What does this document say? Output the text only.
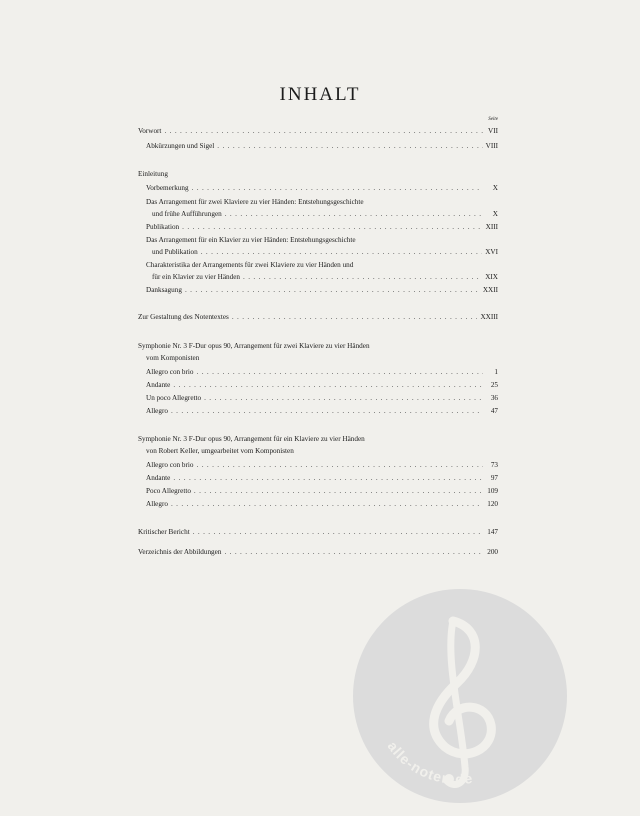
INHALT
Seite
Vorwort . . .	VII
Abkürzungen und Sigel . . .	VIII
Einleitung
Vorbemerkung . . .	X
Das Arrangement für zwei Klaviere zu vier Händen: Entstehungsgeschichte
und frühe Aufführungen . . .	X
Publikation . . .	XIII
Das Arrangement für ein Klavier zu vier Händen: Entstehungsgeschichte
und Publikation . . .	XVI
Charakteristika der Arrangements für zwei Klaviere zu vier Händen und
für ein Klavier zu vier Händen . . .	XIX
Danksagung . . .	XXII
Zur Gestaltung des Notentextes . . .	XXIII
Symphonie Nr. 3 F-Dur opus 90, Arrangement für zwei Klaviere zu vier Händen
vom Komponisten
Allegro con brio . . .	1
Andante . . .	25
Un poco Allegretto . . .	36
Allegro . . .	47
Symphonie Nr. 3 F-Dur opus 90, Arrangement für ein Klaviere zu vier Händen
von Robert Keller, umgearbeitet vom Komponisten
Allegro con brio . . .	73
Andante . . .	97
Poco Allegretto . . .	109
Allegro . . .	120
Kritischer Bericht . . .	147
Verzeichnis der Abbildungen . . .	200
alle-noten.de
